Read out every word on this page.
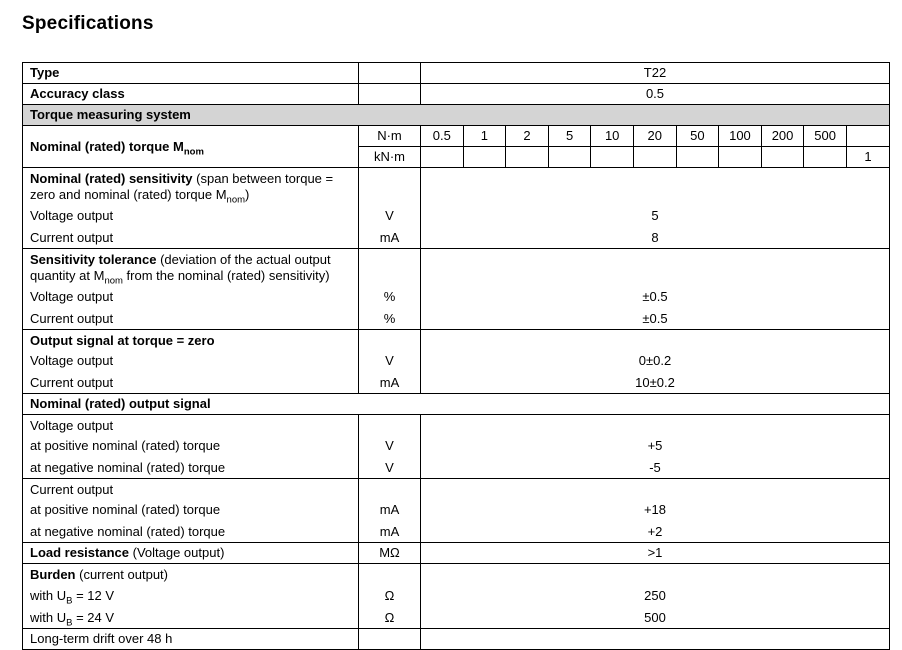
Specifications
Type		T22										
Accuracy class		0.5										
Torque measuring system												
Nominal (rated) torque $M_{nom}$	N·m	0.5	1	2	5	10	20	50	100	200	500	
	kN·m											1
Nominal (rated) sensitivity (span between torque = zero and nominal (rated) torque $M_{nom}$)												
Voltage output	V	5										
Current output	mA	8										
Sensitivity tolerance (deviation of the actual output quantity at $M_{nom}$ from the nominal (rated) sensitivity)												
Voltage output	%	±0.5										
Current output	%	±0.5										
Output signal at torque = zero												
Voltage output	V	0±0.2										
Current output	mA	10±0.2										
Nominal (rated) output signal												
Voltage output												
at positive nominal (rated) torque	V	+5										
at negative nominal (rated) torque	V	-5										
Current output												
at positive nominal (rated) torque	mA	+18										
at negative nominal (rated) torque	mA	+2										
Load resistance (Voltage output)	MΩ	>1										
Burden (current output)												
with $U_B = 12$ V	Ω	250										
with $U_B = 24$ V	Ω	500										
Long-term drift over 48 h												
